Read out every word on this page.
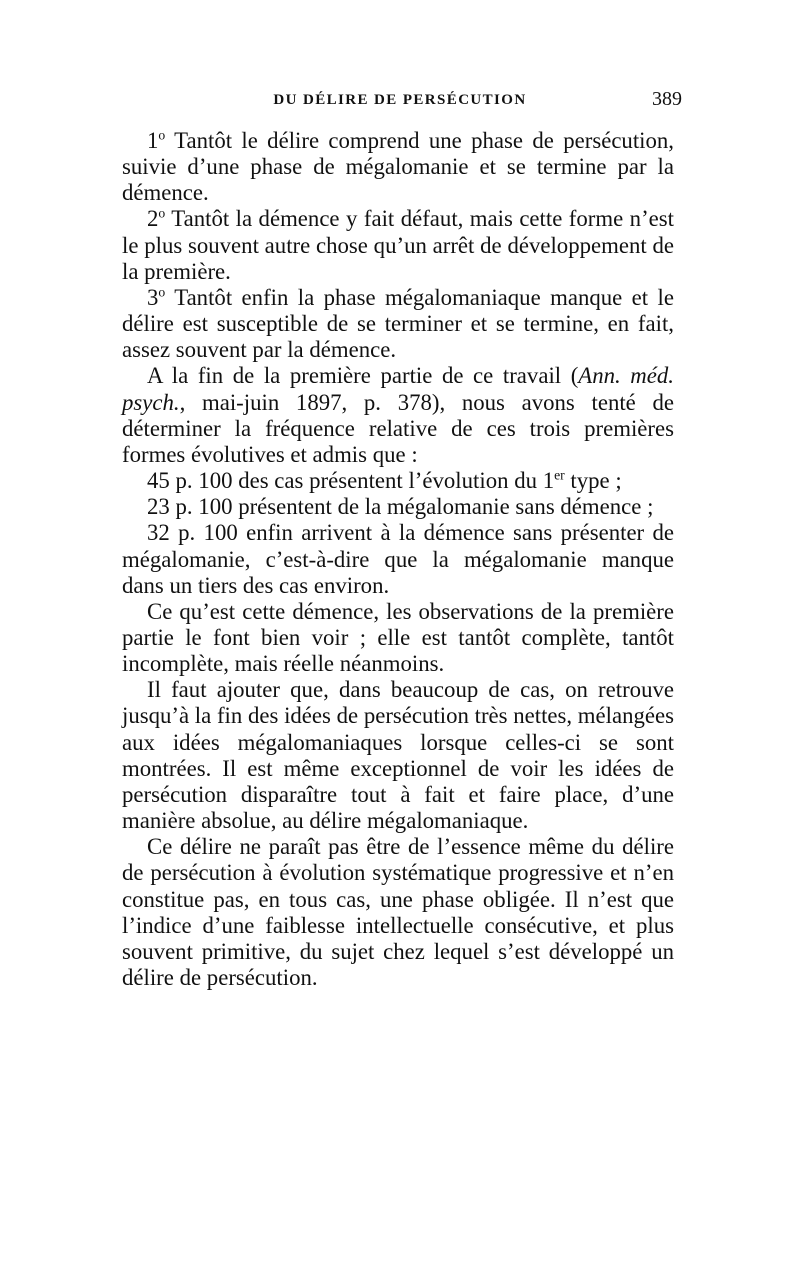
DU DÉLIRE DE PERSÉCUTION	389

1$^o$ Tantôt le délire comprend une phase de persécution, suivie d’une phase de mégalomanie et se termine par la démence.

2$^o$ Tantôt la démence y fait défaut, mais cette forme n’est le plus souvent autre chose qu’un arrêt de développement de la première.

3$^o$ Tantôt enfin la phase mégalomaniaque manque et le délire est susceptible de se terminer et se termine, en fait, assez souvent par la démence.

A la fin de la première partie de ce travail (Ann. méd. psych., mai-juin 1897, p. 378), nous avons tenté de déterminer la fréquence relative de ces trois premières formes évolutives et admis que :

45 p. 100 des cas présentent l’évolution du 1er type ;

23 p. 100 présentent de la mégalomanie sans démence ;

32 p. 100 enfin arrivent à la démence sans présenter de mégalomanie, c’est-à-dire que la mégalomanie manque dans un tiers des cas environ.

Ce qu’est cette démence, les observations de la première partie le font bien voir ; elle est tantôt complète, tantôt incomplète, mais réelle néanmoins.

Il faut ajouter que, dans beaucoup de cas, on retrouve jusqu’à la fin des idées de persécution très nettes, mélangées aux idées mégalomaniaques lorsque celles-ci se sont montrées. Il est même exceptionnel de voir les idées de persécution disparaître tout à fait et faire place, d’une manière absolue, au délire mégalomaniaque.

Ce délire ne paraît pas être de l’essence même du délire de persécution à évolution systématique progressive et n’en constitue pas, en tous cas, une phase obligée. Il n’est que l’indice d’une faiblesse intellectuelle consécutive, et plus souvent primitive, du sujet chez lequel s’est développé un délire de persécution.
